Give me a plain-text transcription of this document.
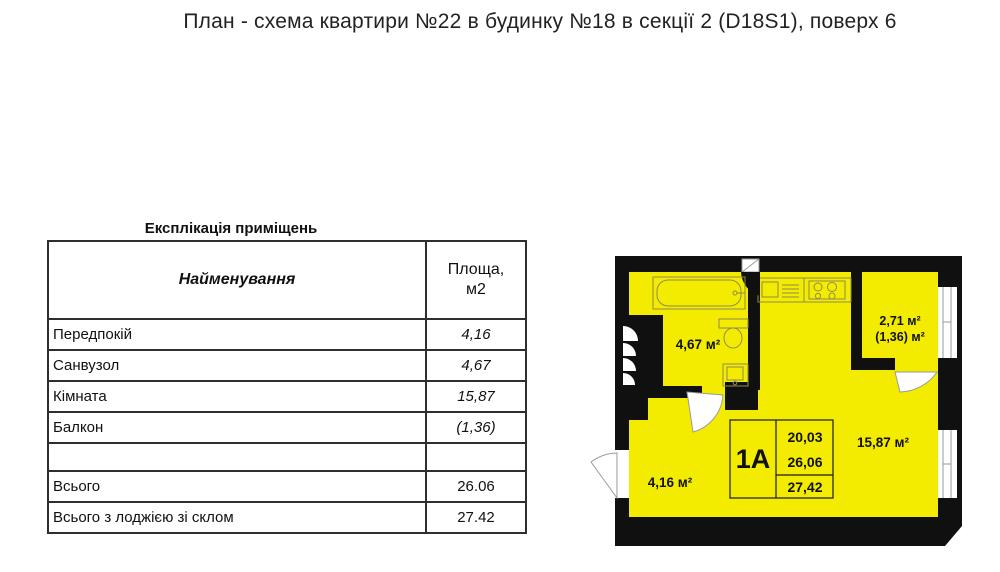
План - схема квартири №22 в будинку №18 в секції 2 (D18S1), поверх 6
Експлікація приміщень
Найменування	Площа,
м2

Передпокій	4,16
Санвузол	4,67
Кімната	15,87
Балкон	(1,36)

Всього	26.06
Всього з лоджією зі склом	27.42
1А
20,03
26,06
27,42
4,67 м²
4,16 м²
15,87 м²
2,71 м²
(1,36) м²
